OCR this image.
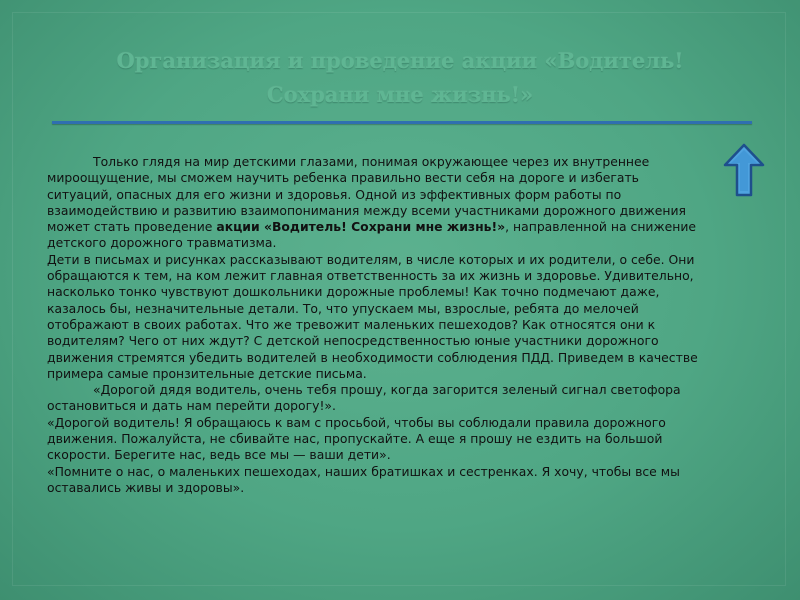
Организация и проведение акции «Водитель!
Сохрани мне жизнь!»

Только глядя на мир детскими глазами, понимая окружающее через их внутреннее

мироощущение, мы сможем научить ребенка правильно вести себя на дороге и избегать
ситуаций, опасных для его жизни и здоровья. Одной из эффективных форм работы по
взаимодействию и развитию взаимопонимания между всеми участниками дорожного движения
может стать проведение акции «Водитель! Сохрани мне жизнь!», направленной на снижение
детского дорожного травматизма.

Дети в письмах и рисунках рассказывают водителям, в числе которых и их родители, о себе. Они
обращаются к тем, на ком лежит главная ответственность за их жизнь и здоровье. Удивительно,
насколько тонко чувствуют дошкольники дорожные проблемы! Как точно подмечают даже,
казалось бы, незначительные детали. То, что упускаем мы, взрослые, ребята до мелочей
отображают в своих работах. Что же тревожит маленьких пешеходов? Как относятся они к
водителям? Чего от них ждут? С детской непосредственностью юные участники дорожного
движения стремятся убедить водителей в необходимости соблюдения ПДД. Приведем в качестве
примера самые пронзительные детские письма.

«Дорогой дядя водитель, очень тебя прошу, когда загорится зеленый сигнал светофора

остановиться и дать нам перейти дорогу!».

«Дорогой водитель! Я обращаюсь к вам с просьбой, чтобы вы соблюдали правила дорожного
движения. Пожалуйста, не сбивайте нас, пропускайте. А еще я прошу не ездить на большой
скорости. Берегите нас, ведь все мы — ваши дети».

«Помните о нас, о маленьких пешеходах, наших братишках и сестренках. Я хочу, чтобы все мы
оставались живы и здоровы».
